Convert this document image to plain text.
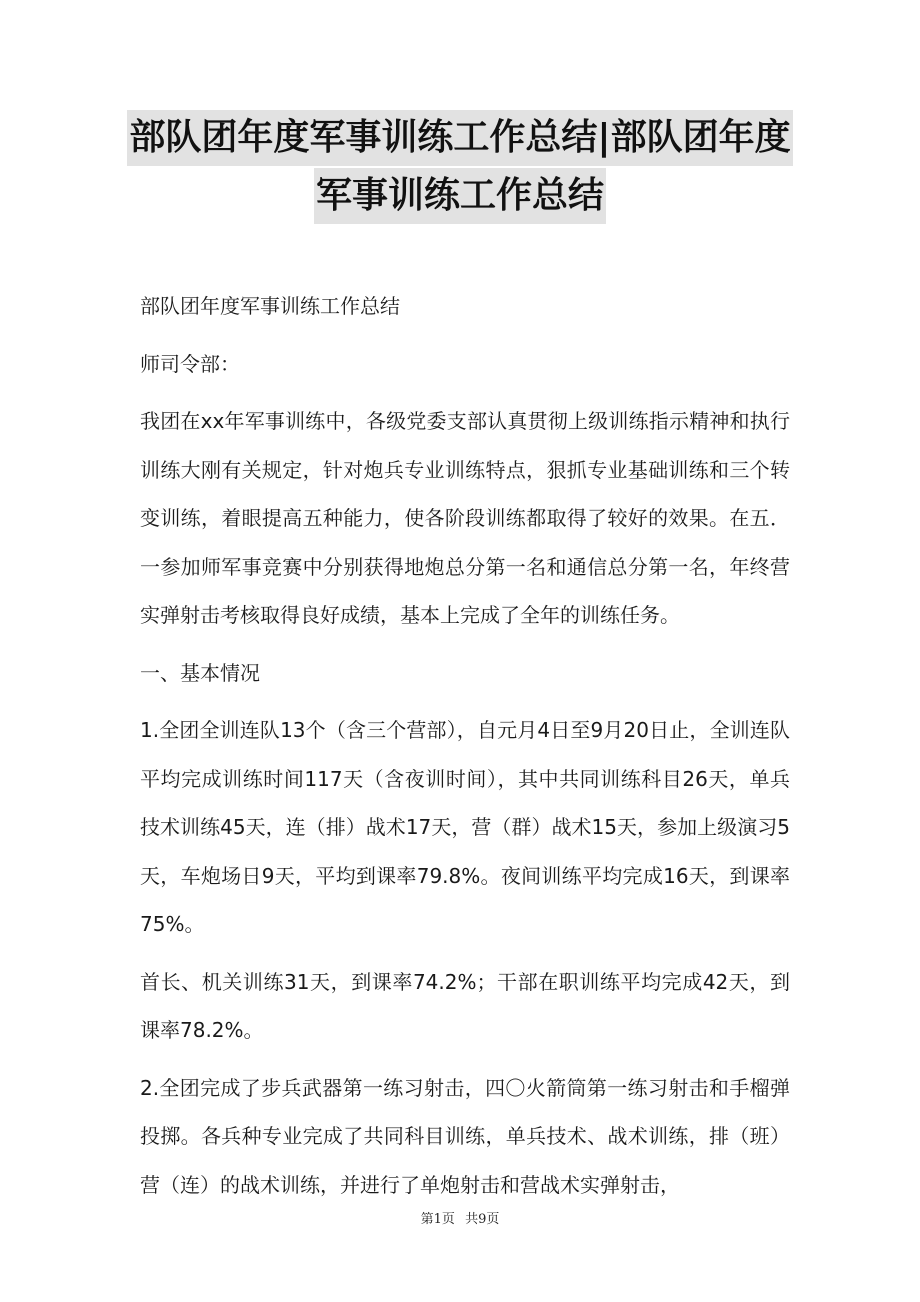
部队团年度军事训练工作总结|部队团年度
军事训练工作总结

部队团年度军事训练工作总结

师司令部：

我团在xx年军事训练中，各级党委支部认真贯彻上级训练指示精神和执行训练大刚有关规定，针对炮兵专业训练特点，狠抓专业基础训练和三个转变训练，着眼提高五种能力，使各阶段训练都取得了较好的效果。在五．一参加师军事竞赛中分别获得地炮总分第一名和通信总分第一名，年终营实弹射击考核取得良好成绩，基本上完成了全年的训练任务。

一、基本情况

1.全团全训连队13个（含三个营部），自元月4日至9月20日止，全训连队平均完成训练时间117天（含夜训时间），其中共同训练科目26天，单兵技术训练45天，连（排）战术17天，营（群）战术15天，参加上级演习5天，车炮场日9天，平均到课率79.8%。夜间训练平均完成16天，到课率75%。

首长、机关训练31天，到课率74.2%；干部在职训练平均完成42天，到课率78.2%。

2.全团完成了步兵武器第一练习射击，四〇火箭筒第一练习射击和手榴弹投掷。各兵种专业完成了共同科目训练，单兵技术、战术训练，排（班）营（连）的战术训练，并进行了单炮射击和营战术实弹射击，

第1页 共9页
